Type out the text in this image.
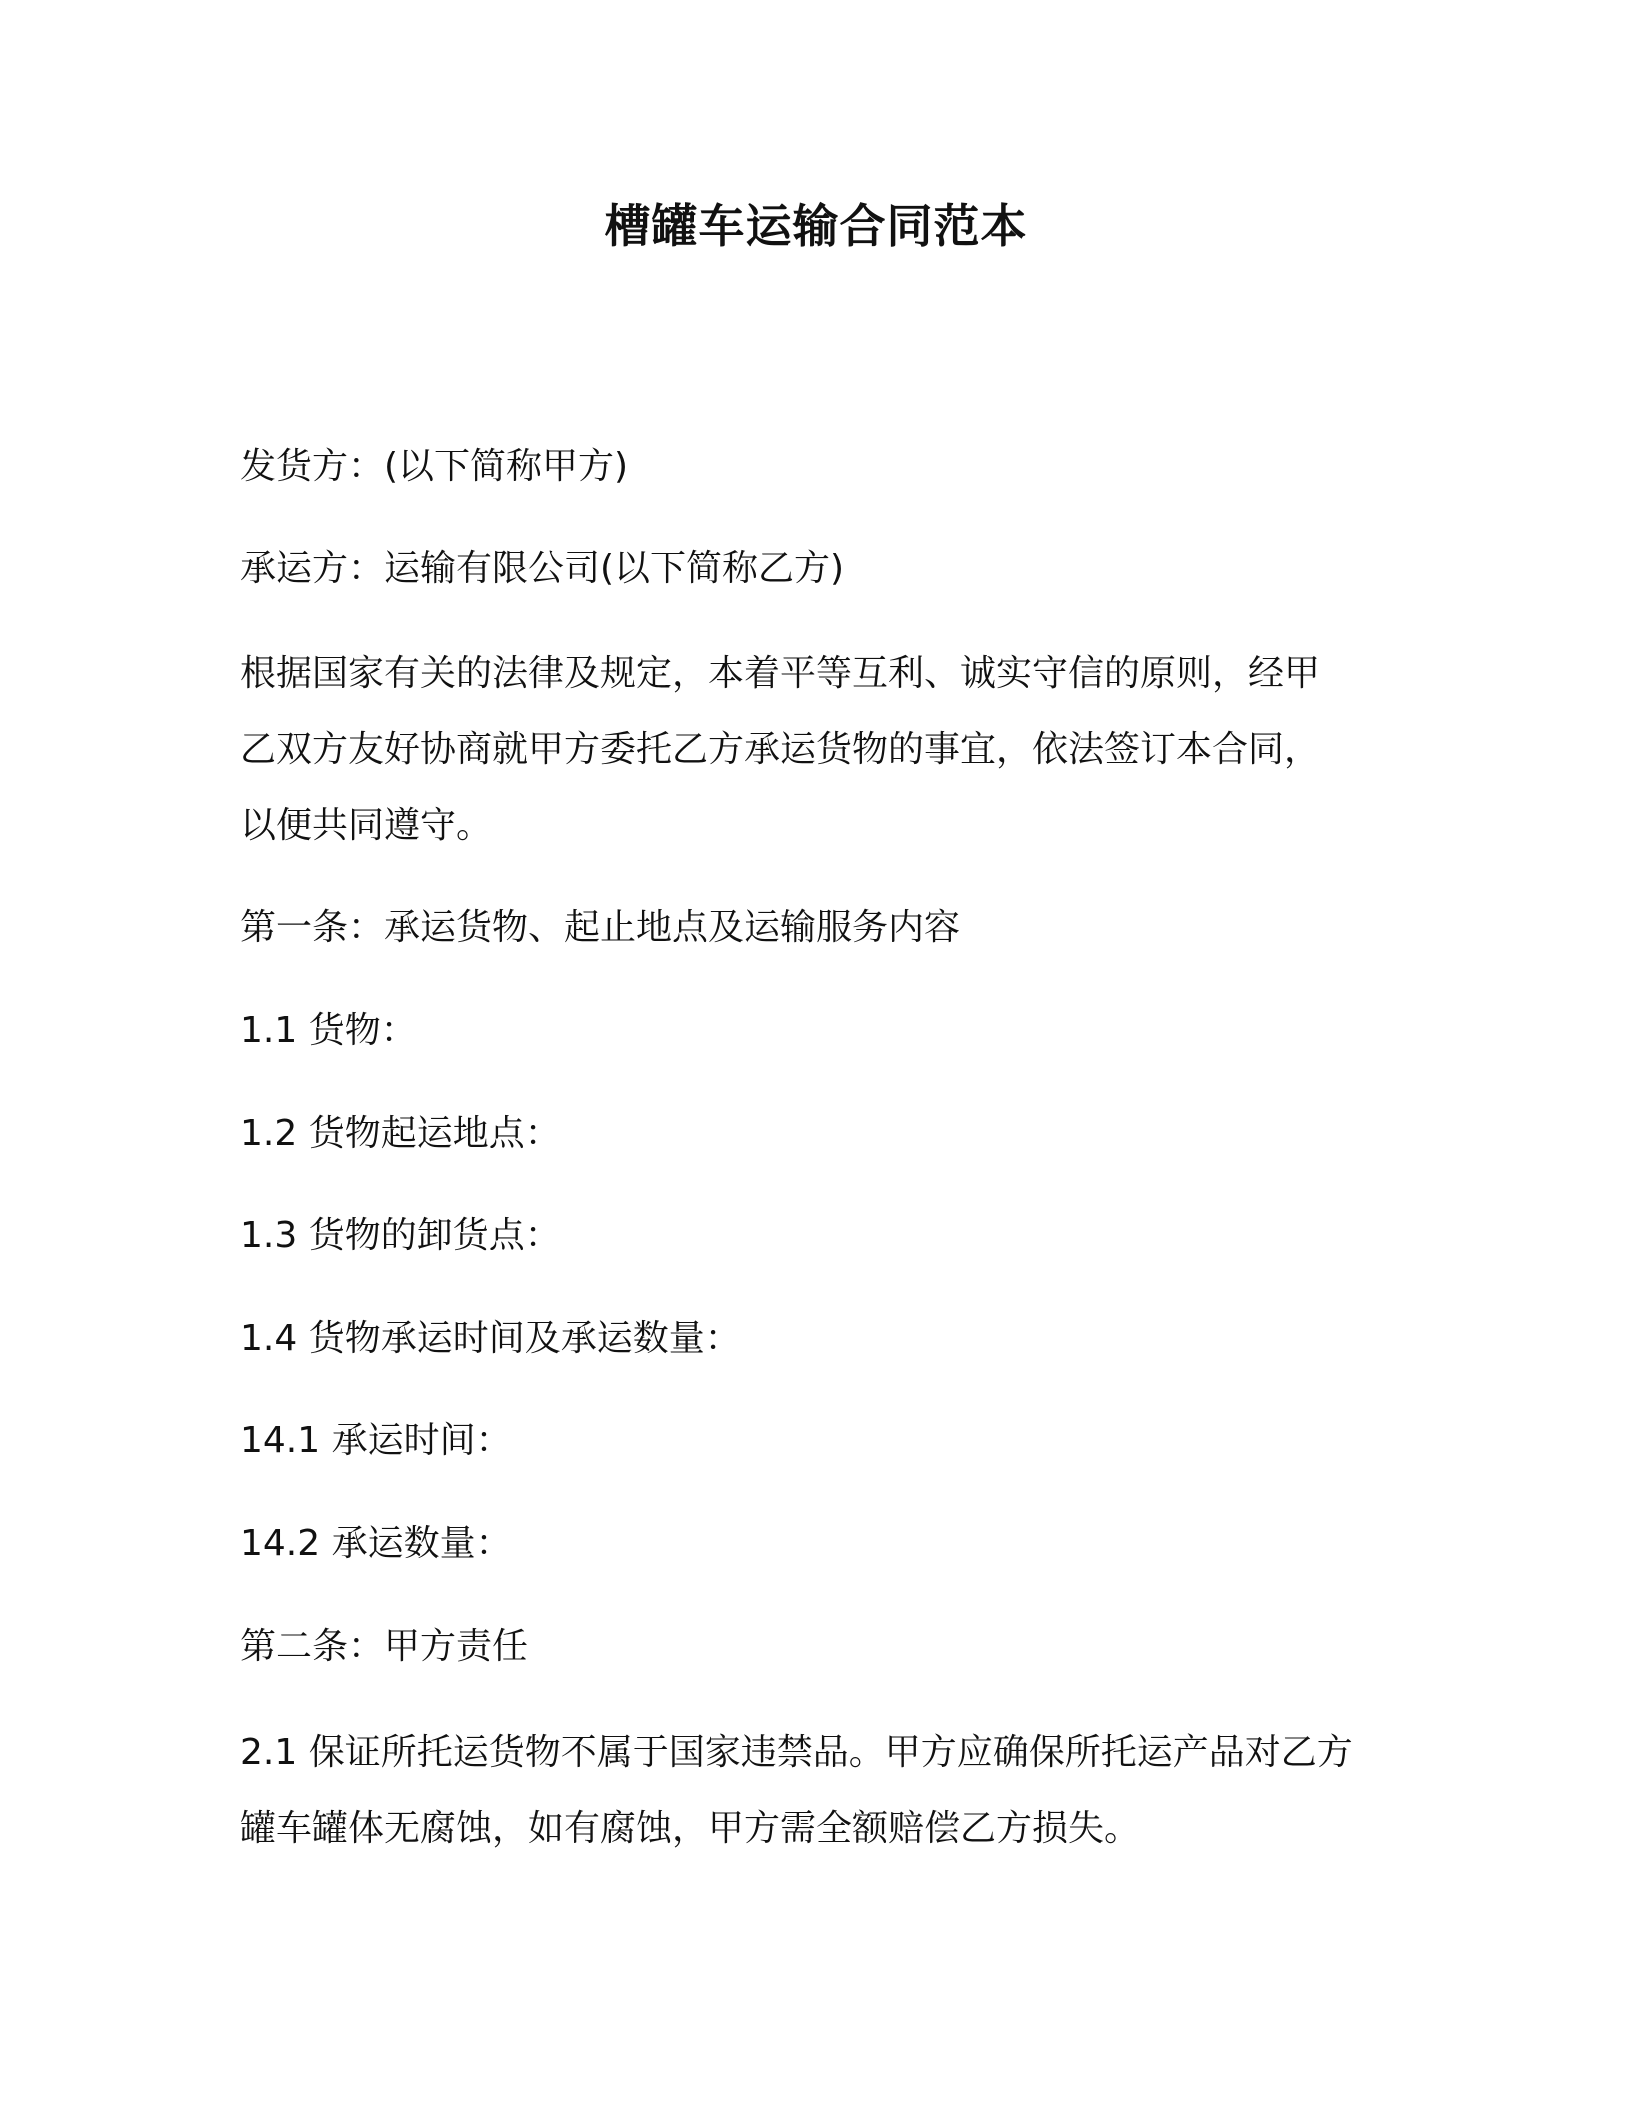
槽罐车运输合同范本
发货方：(以下简称甲方)
承运方：运输有限公司(以下简称乙方)
根据国家有关的法律及规定，本着平等互利、诚实守信的原则，经甲
乙双方友好协商就甲方委托乙方承运货物的事宜，依法签订本合同，
以便共同遵守。
第一条：承运货物、起止地点及运输服务内容
1.1 货物：
1.2 货物起运地点：
1.3 货物的卸货点：
1.4 货物承运时间及承运数量：
14.1 承运时间：
14.2 承运数量：
第二条：甲方责任
2.1 保证所托运货物不属于国家违禁品。甲方应确保所托运产品对乙方
罐车罐体无腐蚀，如有腐蚀，甲方需全额赔偿乙方损失。
